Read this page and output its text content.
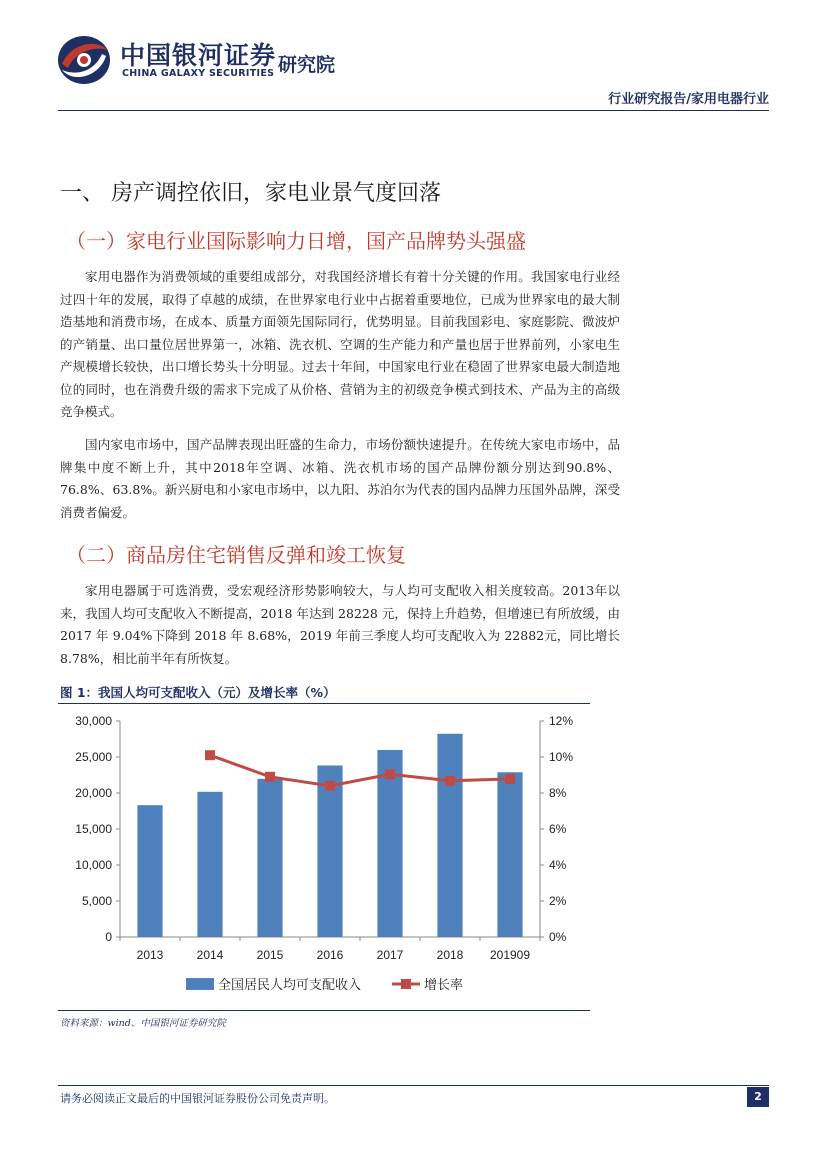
中国银河证券
CHINA GALAXY SECURITIES 研究院
行业研究报告/家用电器行业
一、 房产调控依旧，家电业景气度回落
（一）家电行业国际影响力日增，国产品牌势头强盛

家用电器作为消费领域的重要组成部分，对我国经济增长有着十分关键的作用。我国家电行业经过四十年的发展，取得了卓越的成绩，在世界家电行业中占据着重要地位，已成为世界家电的最大制造基地和消费市场，在成本、质量方面领先国际同行，优势明显。目前我国彩电、家庭影院、微波炉的产销量、出口量位居世界第一，冰箱、洗衣机、空调的生产能力和产量也居于世界前列，小家电生产规模增长较快，出口增长势头十分明显。过去十年间，中国家电行业在稳固了世界家电最大制造地位的同时，也在消费升级的需求下完成了从价格、营销为主的初级竞争模式到技术、产品为主的高级竞争模式。

国内家电市场中，国产品牌表现出旺盛的生命力，市场份额快速提升。在传统大家电市场中，品牌集中度不断上升，其中2018年空调、冰箱、洗衣机市场的国产品牌份额分别达到90.8%、76.8%、63.8%。新兴厨电和小家电市场中，以九阳、苏泊尔为代表的国内品牌力压国外品牌，深受消费者偏爱。

（二）商品房住宅销售反弹和竣工恢复

家用电器属于可选消费，受宏观经济形势影响较大，与人均可支配收入相关度较高。2013年以来，我国人均可支配收入不断提高，2018 年达到 28228 元，保持上升趋势，但增速已有所放缓，由 2017 年 9.04%下降到 2018 年 8.68%，2019 年前三季度人均可支配收入为 22882元，同比增长 8.78%，相比前半年有所恢复。

图 1：我国人均可支配收入（元）及增长率（%）
0
5,000
10,000
15,000
20,000
25,000
30,000
0%
2%
4%
6%
8%
10%
12%
2013	2014	2015	2016	2017	2018 201909
全国居民人均可支配收入	增长率
资料来源：wind、中国银河证券研究院
请务必阅读正文最后的中国银河证券股份公司免责声明。	2
